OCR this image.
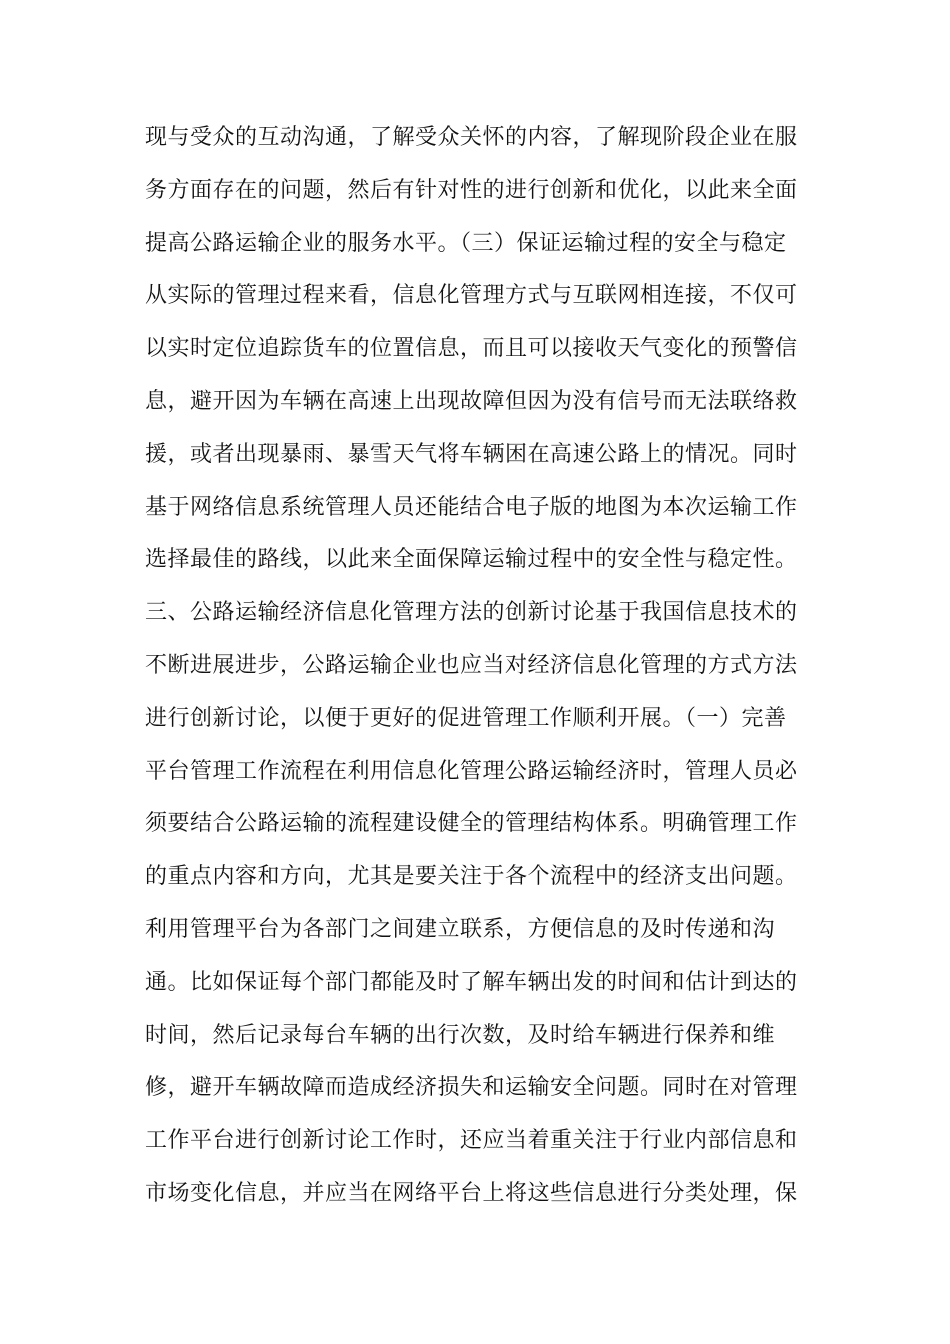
现与受众的互动沟通，了解受众关怀的内容，了解现阶段企业在服
务方面存在的问题，然后有针对性的进行创新和优化，以此来全面
提高公路运输企业的服务水平。（三）保证运输过程的安全与稳定
从实际的管理过程来看，信息化管理方式与互联网相连接，不仅可
以实时定位追踪货车的位置信息，而且可以接收天气变化的预警信
息，避开因为车辆在高速上出现故障但因为没有信号而无法联络救
援，或者出现暴雨、暴雪天气将车辆困在高速公路上的情况。同时
基于网络信息系统管理人员还能结合电子版的地图为本次运输工作
选择最佳的路线，以此来全面保障运输过程中的安全性与稳定性。
三、公路运输经济信息化管理方法的创新讨论基于我国信息技术的
不断进展进步，公路运输企业也应当对经济信息化管理的方式方法
进行创新讨论，以便于更好的促进管理工作顺利开展。（一）完善
平台管理工作流程在利用信息化管理公路运输经济时，管理人员必
须要结合公路运输的流程建设健全的管理结构体系。明确管理工作
的重点内容和方向，尤其是要关注于各个流程中的经济支出问题。
利用管理平台为各部门之间建立联系，方便信息的及时传递和沟
通。比如保证每个部门都能及时了解车辆出发的时间和估计到达的
时间，然后记录每台车辆的出行次数，及时给车辆进行保养和维
修，避开车辆故障而造成经济损失和运输安全问题。同时在对管理
工作平台进行创新讨论工作时，还应当着重关注于行业内部信息和
市场变化信息，并应当在网络平台上将这些信息进行分类处理，保
